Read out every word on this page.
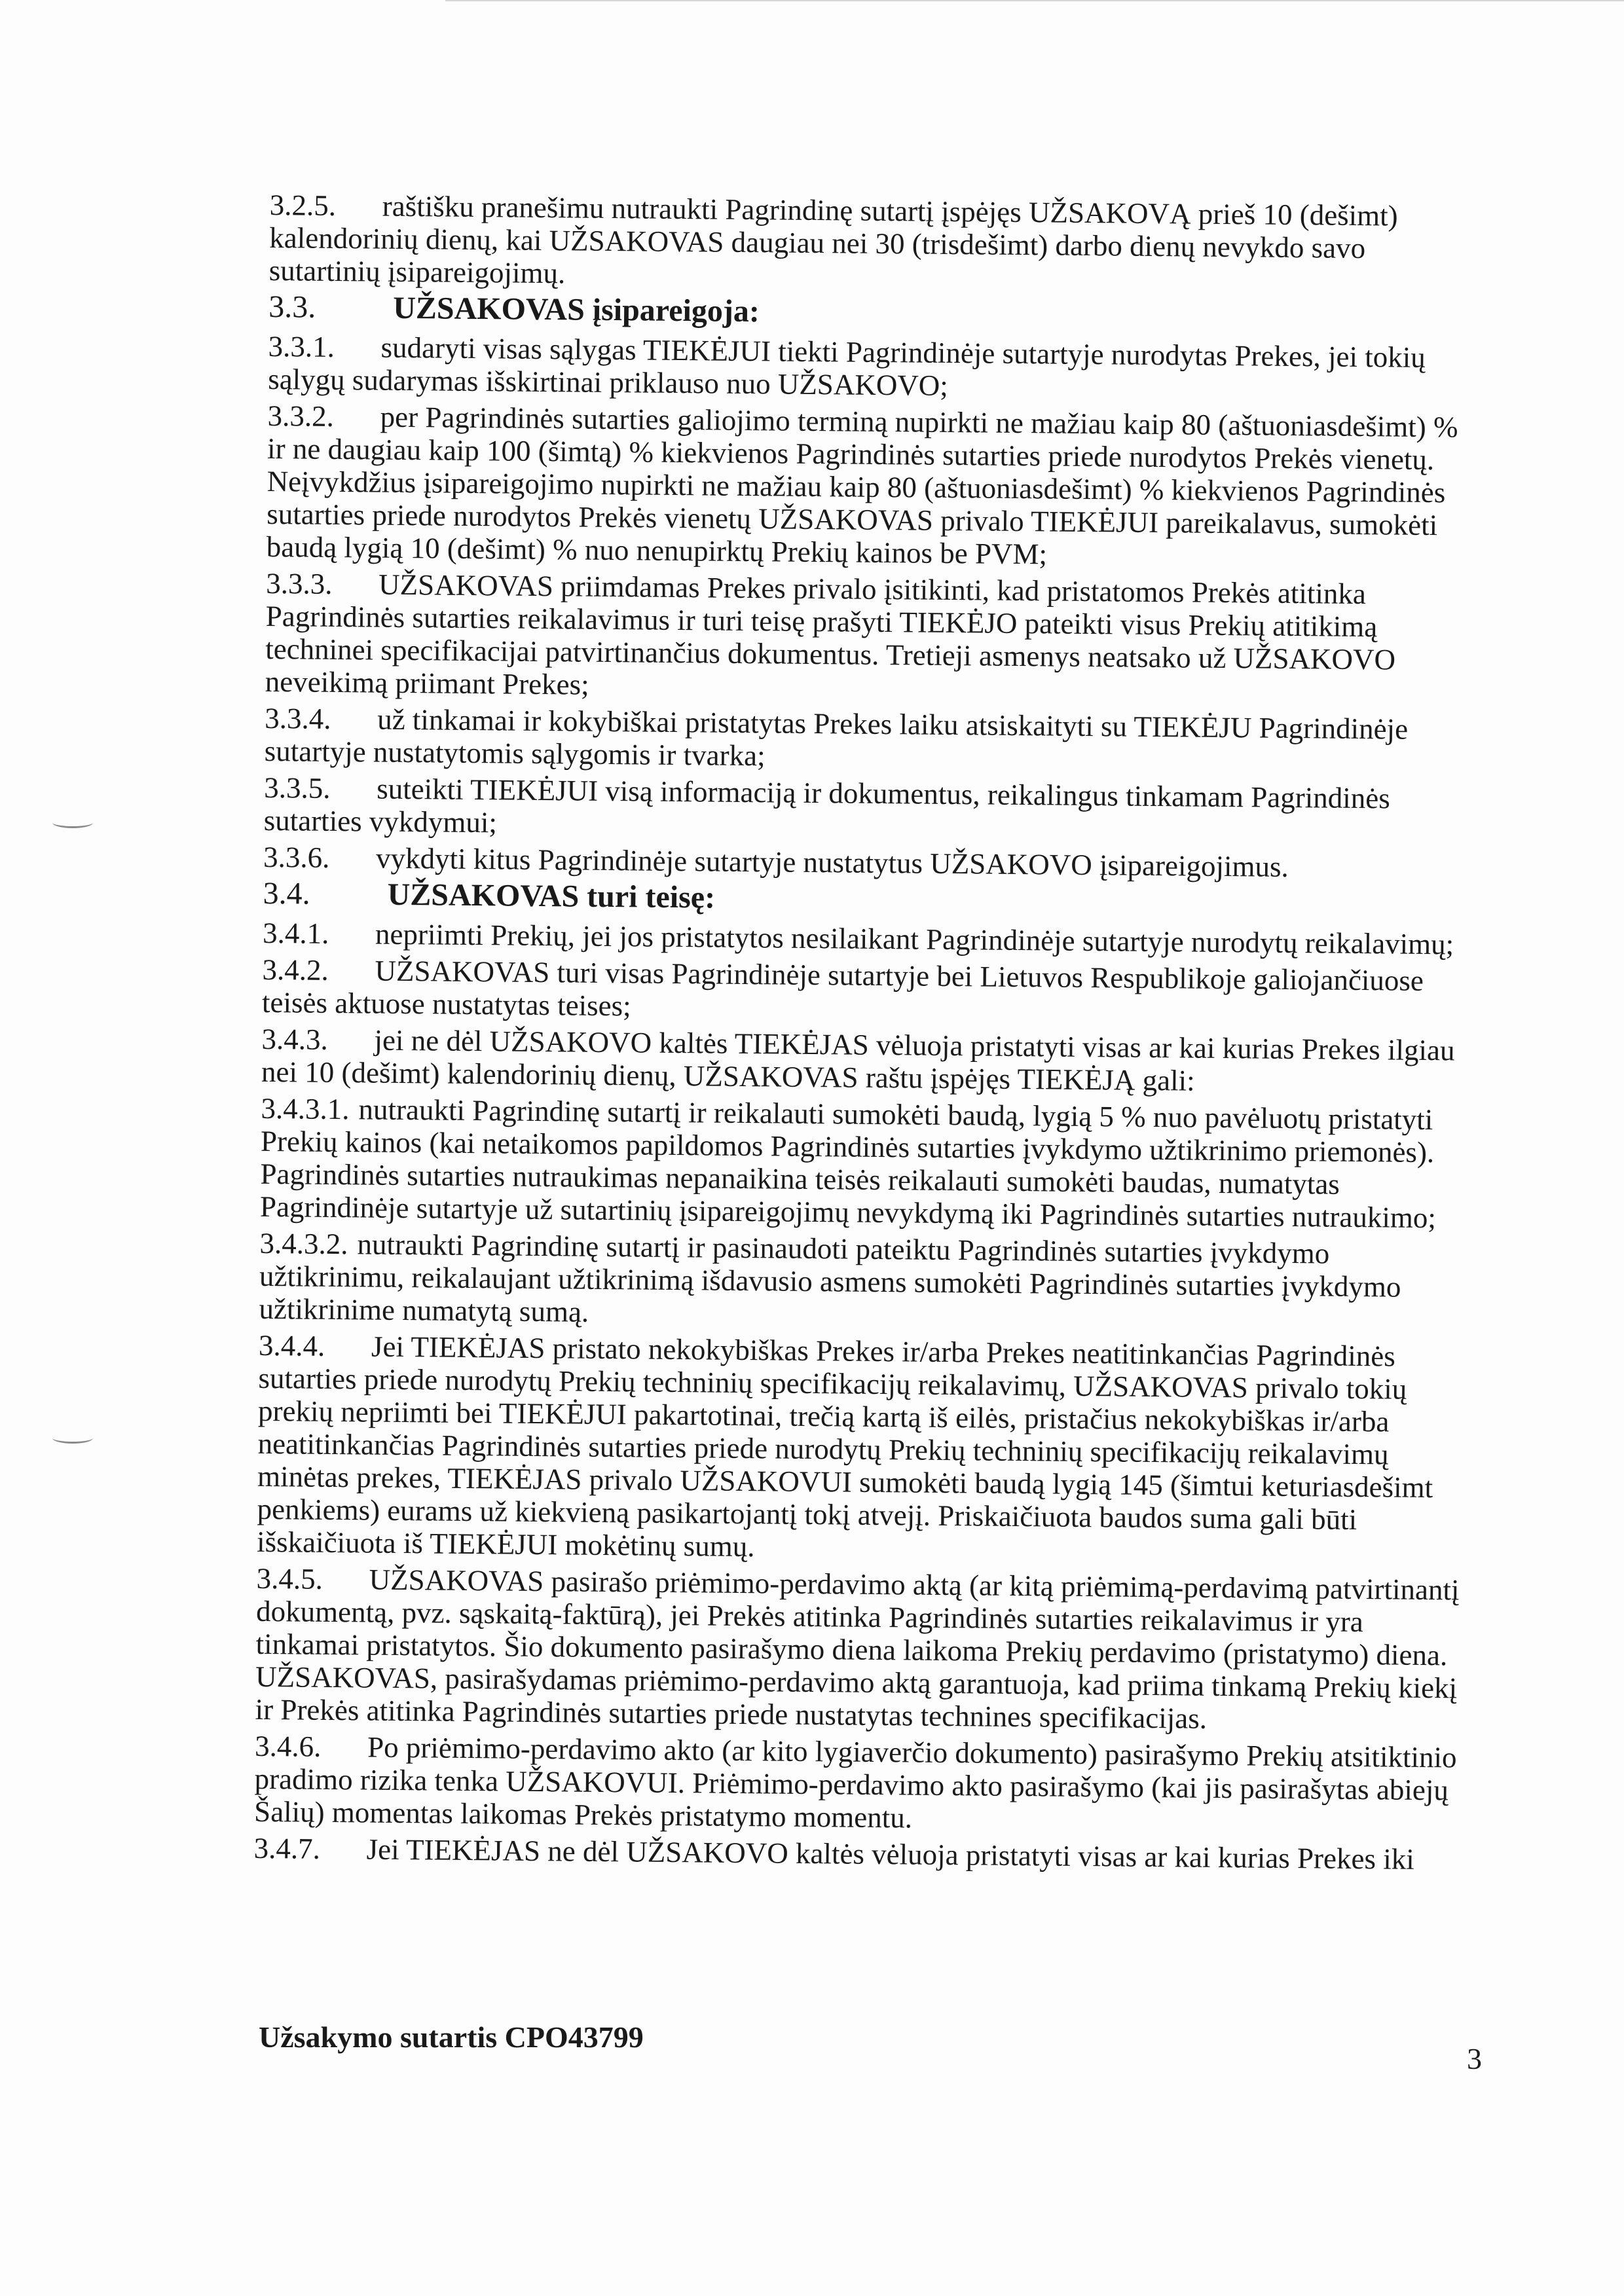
3.2.5. raštišku pranešimu nutraukti Pagrindinę sutartį įspėjęs UŽSAKOVĄ prieš 10 (dešimt) kalendorinių dienų, kai UŽSAKOVAS daugiau nei 30 (trisdešimt) darbo dienų nevykdo savo sutartinių įsipareigojimų.
3.3. UŽSAKOVAS įsipareigoja:
3.3.1. sudaryti visas sąlygas TIEKĖJUI tiekti Pagrindinėje sutartyje nurodytas Prekes, jei tokių sąlygų sudarymas išskirtinai priklauso nuo UŽSAKOVO;
3.3.2. per Pagrindinės sutarties galiojimo terminą nupirkti ne mažiau kaip 80 (aštuoniasdešimt) % ir ne daugiau kaip 100 (šimtą) % kiekvienos Pagrindinės sutarties priede nurodytos Prekės vienetų. Neįvykdžius įsipareigojimo nupirkti ne mažiau kaip 80 (aštuoniasdešimt) % kiekvienos Pagrindinės sutarties priede nurodytos Prekės vienetų UŽSAKOVAS privalo TIEKĖJUI pareikalavus, sumokėti baudą lygią 10 (dešimt) % nuo nenupirktų Prekių kainos be PVM;
3.3.3. UŽSAKOVAS priimdamas Prekes privalo įsitikinti, kad pristatomos Prekės atitinka Pagrindinės sutarties reikalavimus ir turi teisę prašyti TIEKĖJO pateikti visus Prekių atitikimą techninei specifikacijai patvirtinančius dokumentus. Tretieji asmenys neatsako už UŽSAKOVO neveikimą priimant Prekes;
3.3.4. už tinkamai ir kokybiškai pristatytas Prekes laiku atsiskaityti su TIEKĖJU Pagrindinėje sutartyje nustatytomis sąlygomis ir tvarka;
3.3.5. suteikti TIEKĖJUI visą informaciją ir dokumentus, reikalingus tinkamam Pagrindinės sutarties vykdymui;
3.3.6. vykdyti kitus Pagrindinėje sutartyje nustatytus UŽSAKOVO įsipareigojimus.
3.4. UŽSAKOVAS turi teisę:
3.4.1. nepriimti Prekių, jei jos pristatytos nesilaikant Pagrindinėje sutartyje nurodytų reikalavimų;
3.4.2. UŽSAKOVAS turi visas Pagrindinėje sutartyje bei Lietuvos Respublikoje galiojančiuose teisės aktuose nustatytas teises;
3.4.3. jei ne dėl UŽSAKOVO kaltės TIEKĖJAS vėluoja pristatyti visas ar kai kurias Prekes ilgiau nei 10 (dešimt) kalendorinių dienų, UŽSAKOVAS raštu įspėjęs TIEKĖJĄ gali:
3.4.3.1. nutraukti Pagrindinę sutartį ir reikalauti sumokėti baudą, lygią 5 % nuo pavėluotų pristatyti Prekių kainos (kai netaikomos papildomos Pagrindinės sutarties įvykdymo užtikrinimo priemonės). Pagrindinės sutarties nutraukimas nepanaikina teisės reikalauti sumokėti baudas, numatytas Pagrindinėje sutartyje už sutartinių įsipareigojimų nevykdymą iki Pagrindinės sutarties nutraukimo;
3.4.3.2. nutraukti Pagrindinę sutartį ir pasinaudoti pateiktu Pagrindinės sutarties įvykdymo užtikrinimu, reikalaujant užtikrinimą išdavusio asmens sumokėti Pagrindinės sutarties įvykdymo užtikrinime numatytą sumą.
3.4.4. Jei TIEKĖJAS pristato nekokybiškas Prekes ir/arba Prekes neatitinkančias Pagrindinės sutarties priede nurodytų Prekių techninių specifikacijų reikalavimų, UŽSAKOVAS privalo tokių prekių nepriimti bei TIEKĖJUI pakartotinai, trečią kartą iš eilės, pristačius nekokybiškas ir/arba neatitinkančias Pagrindinės sutarties priede nurodytų Prekių techninių specifikacijų reikalavimų minėtas prekes, TIEKĖJAS privalo UŽSAKOVUI sumokėti baudą lygią 145 (šimtui keturiasdešimt penkiems) eurams už kiekvieną pasikartojantį tokį atvejį. Priskaičiuota baudos suma gali būti išskaičiuota iš TIEKĖJUI mokėtinų sumų.
3.4.5. UŽSAKOVAS pasirašo priėmimo-perdavimo aktą (ar kitą priėmimą-perdavimą patvirtinantį dokumentą, pvz. sąskaitą-faktūrą), jei Prekės atitinka Pagrindinės sutarties reikalavimus ir yra tinkamai pristatytos. Šio dokumento pasirašymo diena laikoma Prekių perdavimo (pristatymo) diena. UŽSAKOVAS, pasirašydamas priėmimo-perdavimo aktą garantuoja, kad priima tinkamą Prekių kiekį ir Prekės atitinka Pagrindinės sutarties priede nustatytas technines specifikacijas.
3.4.6. Po priėmimo-perdavimo akto (ar kito lygiaverčio dokumento) pasirašymo Prekių atsitiktinio pradimo rizika tenka UŽSAKOVUI. Priėmimo-perdavimo akto pasirašymo (kai jis pasirašytas abiejų Šalių) momentas laikomas Prekės pristatymo momentu.
3.4.7. Jei TIEKĖJAS ne dėl UŽSAKOVO kaltės vėluoja pristatyti visas ar kai kurias Prekes iki
Užsakymo sutartis CPO43799
3
